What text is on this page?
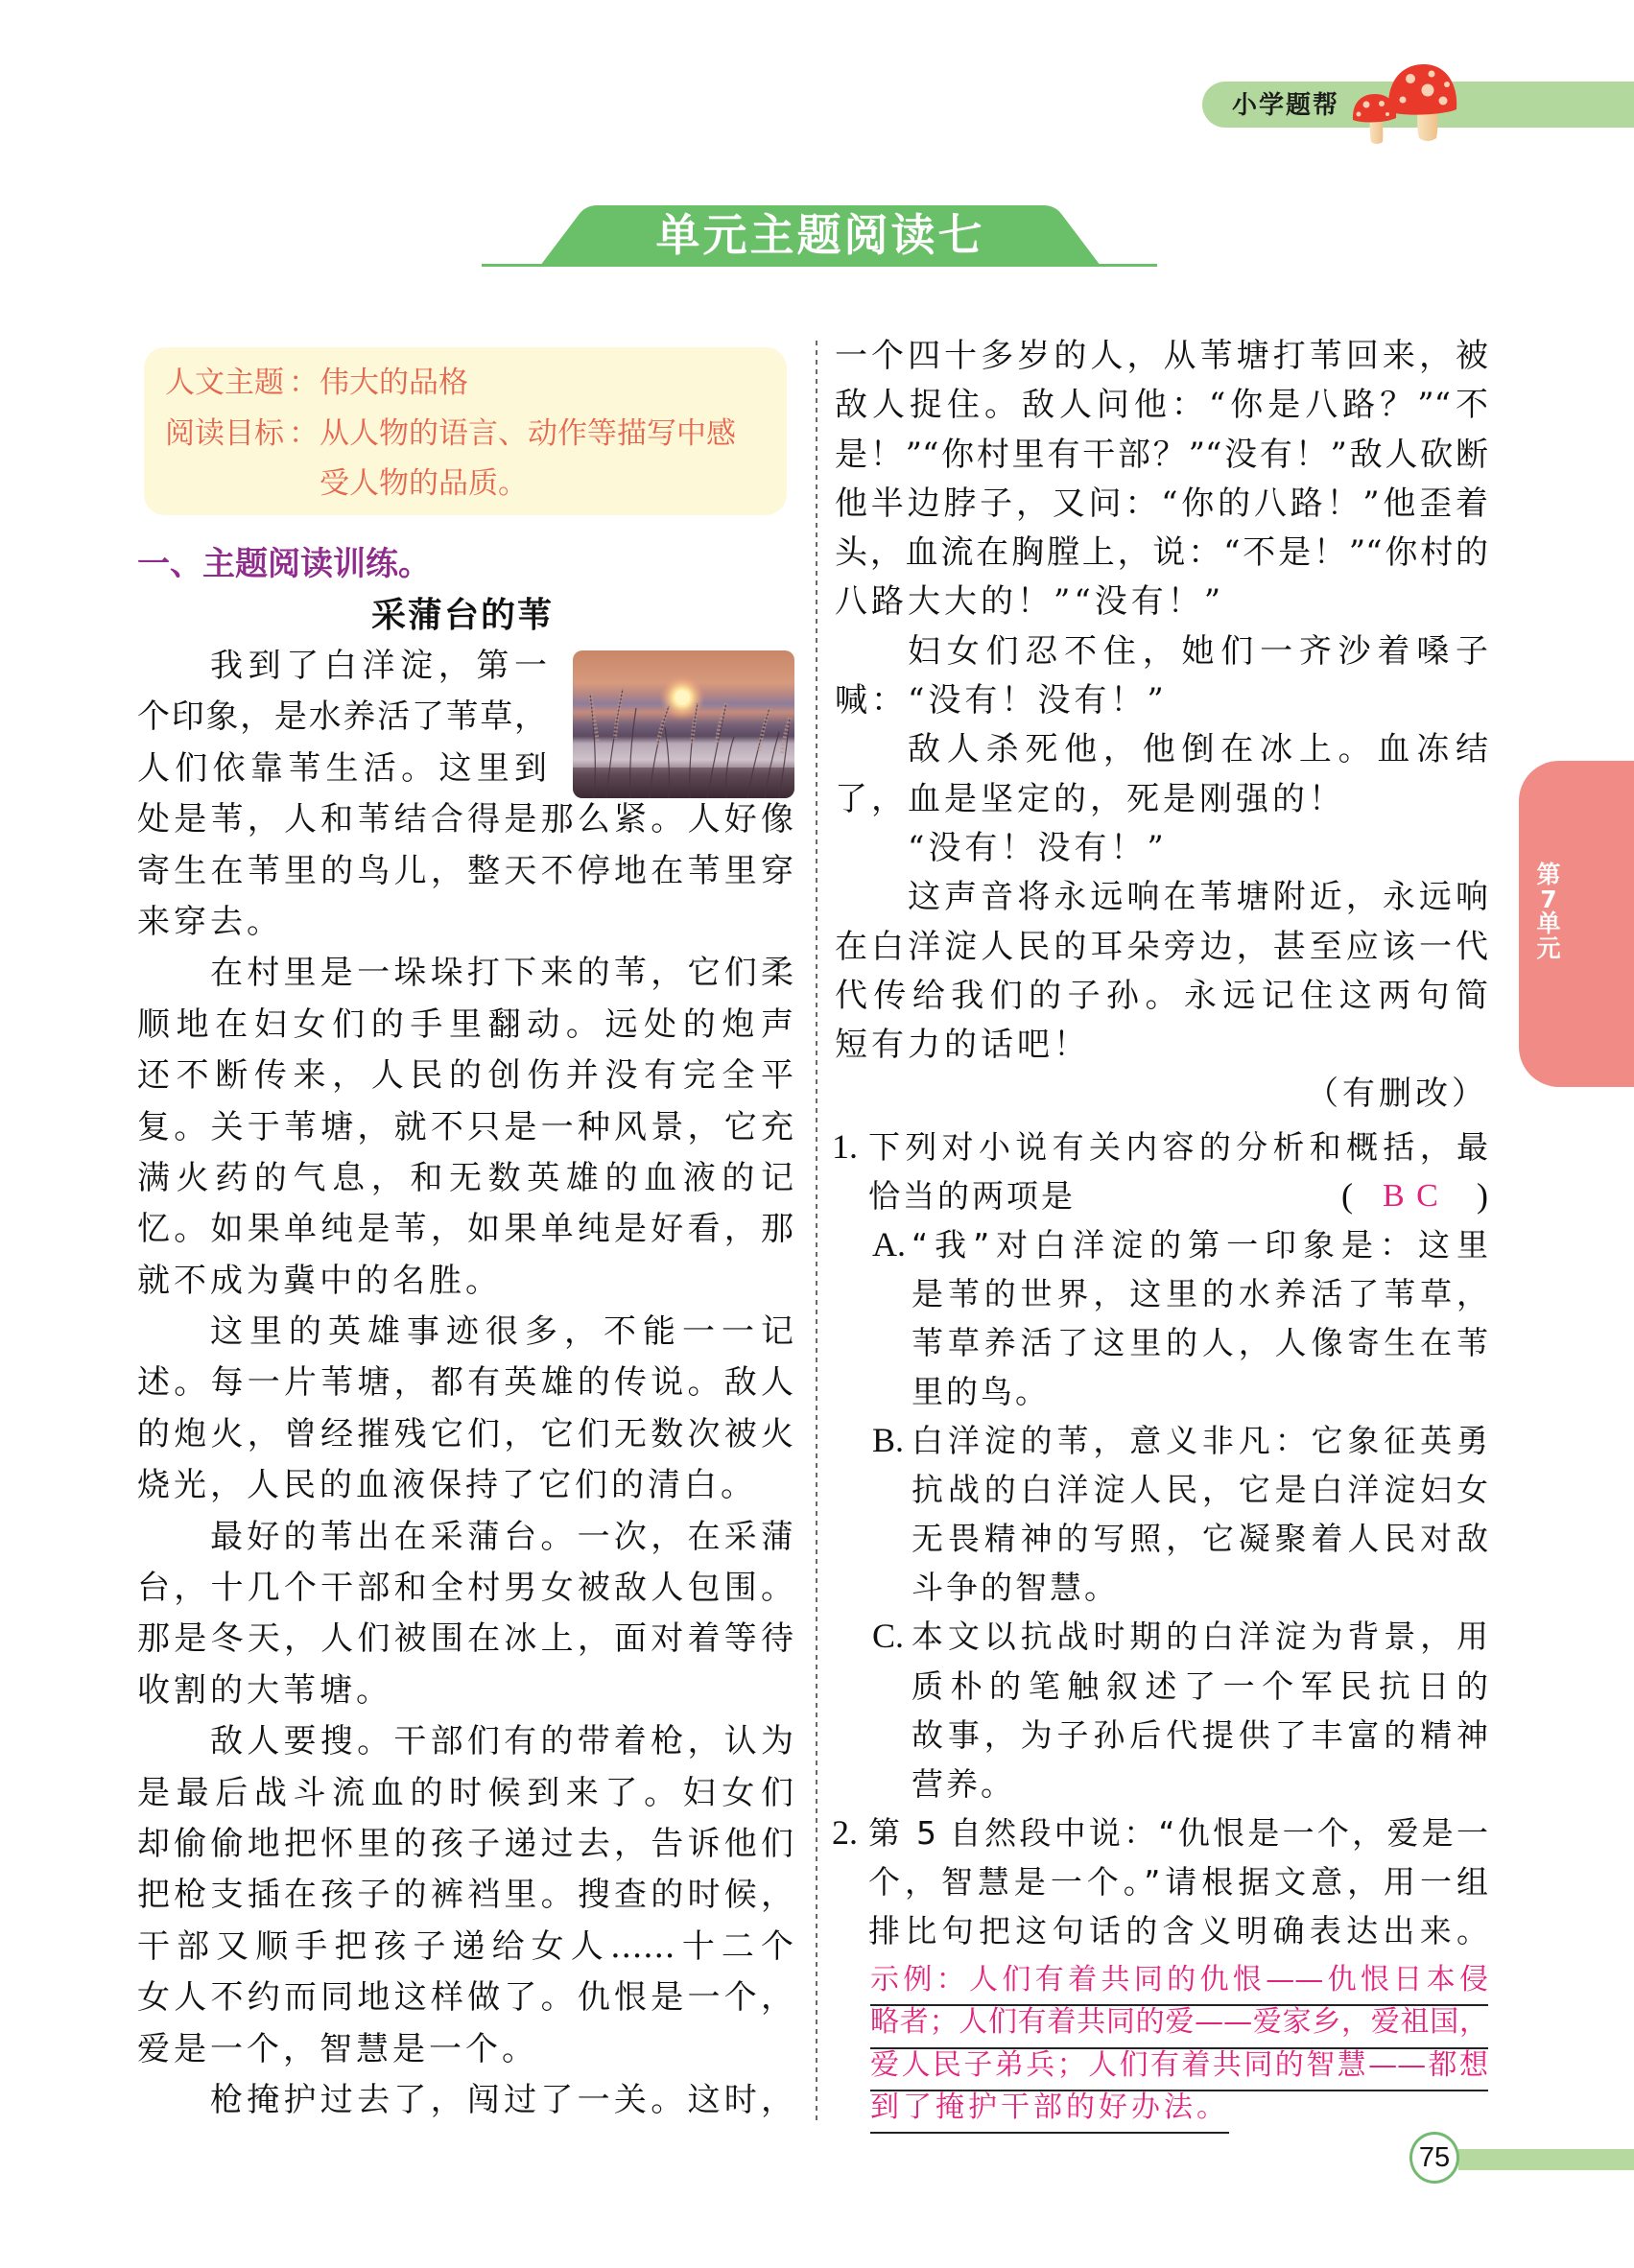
小学题帮
单元主题阅读七
人文主题 ：伟大的品格
阅读目标 ：从人物的语言、动作等描写中感
受人物的品质。
一、主题阅读训练。
采蒲台的苇
我到了白洋淀，第一
个印象，是水养活了苇草，
人们依靠苇生活。这里到
处是苇，人和苇结合得是那么紧。人好像
寄生在苇里的鸟儿，整天不停地在苇里穿
来穿去。
在村里是一垛垛打下来的苇，它们柔
顺地在妇女们的手里翻动。远处的炮声
还不断传来，人民的创伤并没有完全平
复。关于苇塘，就不只是一种风景，它充
满火药的气息，和无数英雄的血液的记
忆。如果单纯是苇，如果单纯是好看，那
就不成为冀中的名胜。
这里的英雄事迹很多，不能一一记
述。每一片苇塘，都有英雄的传说。敌人
的炮火，曾经摧残它们，它们无数次被火
烧光，人民的血液保持了它们的清白。
最好的苇出在采蒲台。一次，在采蒲
台，十几个干部和全村男女被敌人包围。
那是冬天，人们被围在冰上，面对着等待
收割的大苇塘。
敌人要搜。干部们有的带着枪，认为
是最后战斗流血的时候到来了。妇女们
却偷偷地把怀里的孩子递过去，告诉他们
把枪支插在孩子的裤裆里。搜查的时候，
干部又顺手把孩子递给女人……十二个
女人不约而同地这样做了。仇恨是一个，
爱是一个，智慧是一个。
枪掩护过去了，闯过了一关。这时，
一个四十多岁的人，从苇塘打苇回来，被
敌人捉住。敌人问他：“你是八路？”“不
是！”“你村里有干部？”“没有！”敌人砍断
他半边脖子，又问：“你的八路！”他歪着
头，血流在胸膛上，说：“不是！”“你村的
八路大大的！”“没有！”
妇女们忍不住，她们一齐沙着嗓子
喊：“没有！没有！”
敌人杀死他，他倒在冰上。血冻结
了，血是坚定的，死是刚强的！
“没有！没有！”
这声音将永远响在苇塘附近，永远响
在白洋淀人民的耳朵旁边，甚至应该一代
代传给我们的子孙。永远记住这两句简
短有力的话吧！
（有删改）
1. 下列对小说有关内容的分析和概括，最
恰当的两项是	( B C )
A. “我”对白洋淀的第一印象是：这里
是苇的世界，这里的水养活了苇草，
苇草养活了这里的人，人像寄生在苇
里的鸟。
B. 白洋淀的苇，意义非凡：它象征英勇
抗战的白洋淀人民，它是白洋淀妇女
无畏精神的写照，它凝聚着人民对敌
斗争的智慧。
C. 本文以抗战时期的白洋淀为背景，用
质朴的笔触叙述了一个军民抗日的
故事，为子孙后代提供了丰富的精神
营养。
2. 第 5 自然段中说：“仇恨是一个，爱是一
个，智慧是一个。”请根据文意，用一组
排比句把这句话的含义明确表达出来。
示例：人们有着共同的仇恨——仇恨日本侵
略者；人们有着共同的爱——爱家乡，爱祖国，
爱人民子弟兵；人们有着共同的智慧——都想
到了掩护干部的好办法。
第
7
单
元
75
